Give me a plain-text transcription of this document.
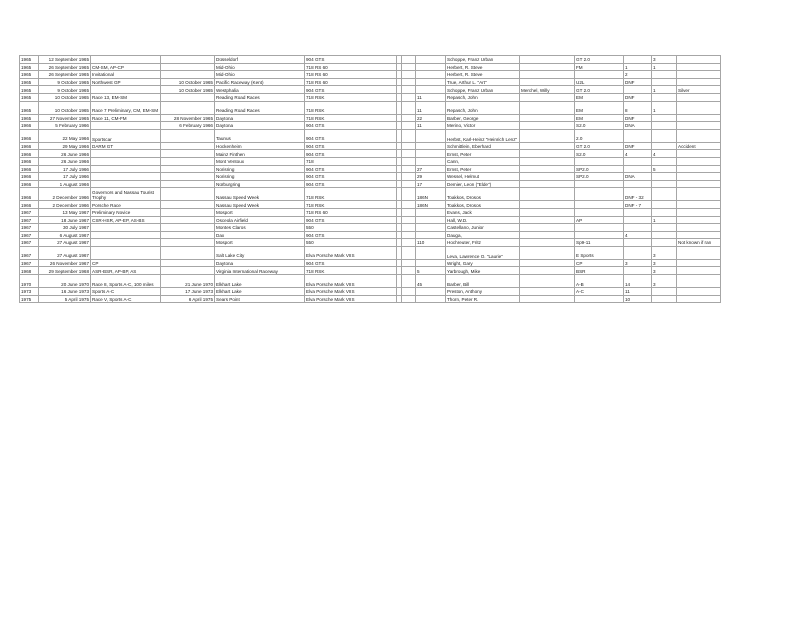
1965	12 September 1965			Düsseldorf	904 GTS				Schoppe, Franz Urban		GT 2.0		3	
1965	26 September 1965	CM-SM, AP-CP		Mid-Ohio	718 RS 60				Herbert, R. Steve		FM	1	1	
1965	26 September 1965	Invitational		Mid-Ohio	718 RS 60				Herbert, R. Steve			2		
1965	9 October 1965	Northwest GP	10 October 1965	Pacific Raceway (Kent)	718 RS 60				True, Arthur L. "Art"		U2L	DNF		
1965	9 October 1965		10 October 1965	Westphalia	904 GTS				Schoppe, Franz Urban	Merchel, Willy	GT 2.0		1	Silver
1965	10 October 1965	Race 13, EM-SM		Reading Road Races	718 RSK			11	Repasch, John		EM	DNF		
1965	10 October 1965	Race 7 Preliminary, CM, EM-SM		Reading Road Races	718 RSK			11	Repasch, John		EM	8	1	
1965	27 November 1965	Race 11, CM-FM	28 November 1965	Daytona	718 RSK			22	Barber, George		EM	DNF		
1966	5 February 1966		6 February 1966	Daytona	904 GTS			11	Merino, Victor		S2.0	DNA		
1966	22 May 1966	Sportscar		Taunus	904 GTS				Herbst, Karl-Heinz "Heinrich Lenz"		2.0			
1966	29 May 1966	DARM GT		Hockenheim	904 GTS				Schmittlein, Eberhard		GT 2.0	DNF		Accident
1966	26 June 1966			Mainz Finthen	904 GTS				Ernst, Peter		S2.0	4	4	
1966	26 June 1966			Mont Ventoux	718				Cann,					
1966	17 July 1966			Norisring	904 GTS			27	Ernst, Peter		SP2.0		5	
1966	17 July 1966			Norisring	904 GTS			29	Wessel, Helmut		SP2.0	DNA		
1966	1 August 1966			Nürburgring	904 GTS			17	Demier, Leon ("Elde")					
1966	2 December 1966	Governors and Nassau Tourist Trophy		Nassau Speed Week	718 RSK			186N	Toakkos, Drosos			DNF - 32		
1966	2 December 1966	Porsche Race		Nassau Speed Week	718 RSK			186N	Toakkos, Drosos			DNF - 7		
1967	13 May 1967	Preliminary Novice		Mosport	718 RS 60				Evans, Jack					
1967	18 June 1967	CSR-HSR, AP-EP, AS-BS		Osceola Airfield	904 GTS				Hall, W.D.		AP		1	
1967	30 July 1967			Montes Claros	550				Castellano, Junior					
1967	6 August 1967			Dax	904 GTS				Dauga,			4		
1967	27 August 1967			Mosport	550			110	Hochreuter, Fritz		Sp9-11			Not known if ran
1967	27 August 1967			Salt Lake City	Elva Porsche Mark VIIS				Leva, Lawrence O. "Laurie"		E Sports		3	
1967	26 November 1967	CP		Daytona	904 GTS				Wright, Gary		CP	3	3	
1968	29 September 1968	ASR-BSR, AP-BP, AS		Virginia International Raceway	718 RSK			5	Yarbrough, Mike		BSR		3	
1970	20 June 1970	Race 8, Sports A-C, 100 miles	21 June 1970	Elkhart Lake	Elva Porsche Mark VIIS			45	Barber, Bill		A-B	14	3	
1973	16 June 1973	Sports A-C	17 June 1973	Elkhart Lake	Elva Porsche Mark VIIS				Preston, Anthony		A-C	11		
1975	5 April 1975	Race V, Sports A-C	6 April 1975	Sears Point	Elva Porsche Mark VIIS				Thorn, Peter R.			10		
